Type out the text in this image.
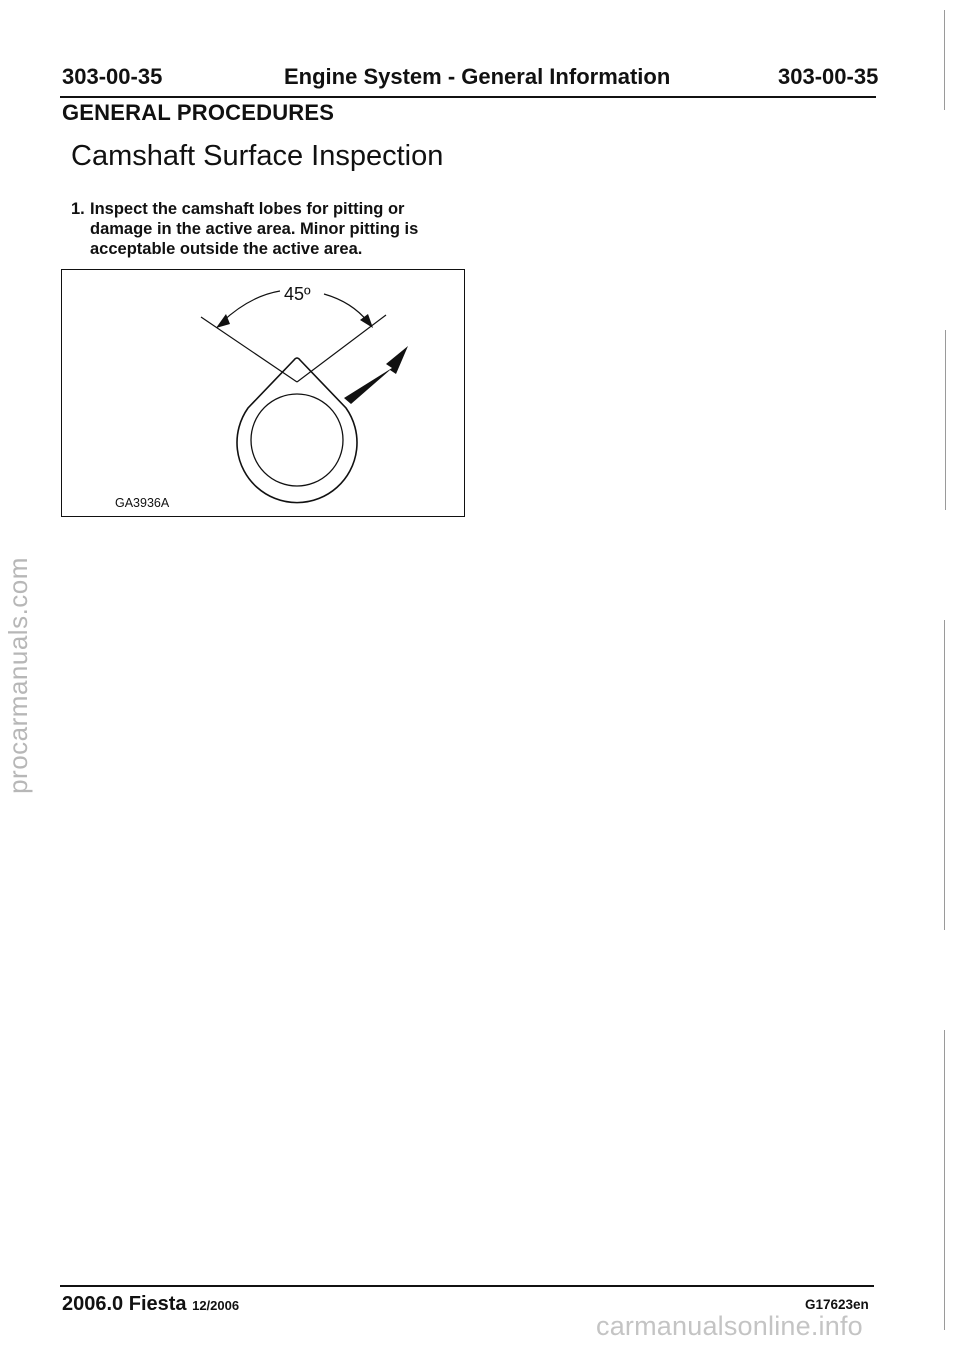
303-00-35	Engine System - General Information	303-00-35
GENERAL PROCEDURES
Camshaft Surface Inspection
1. Inspect the camshaft lobes for pitting or damage in the active area. Minor pitting is acceptable outside the active area.
45º
GA3936A
2006.0 Fiesta 12/2006	G17623en
procarmanuals.com
carmanualsonline.info
